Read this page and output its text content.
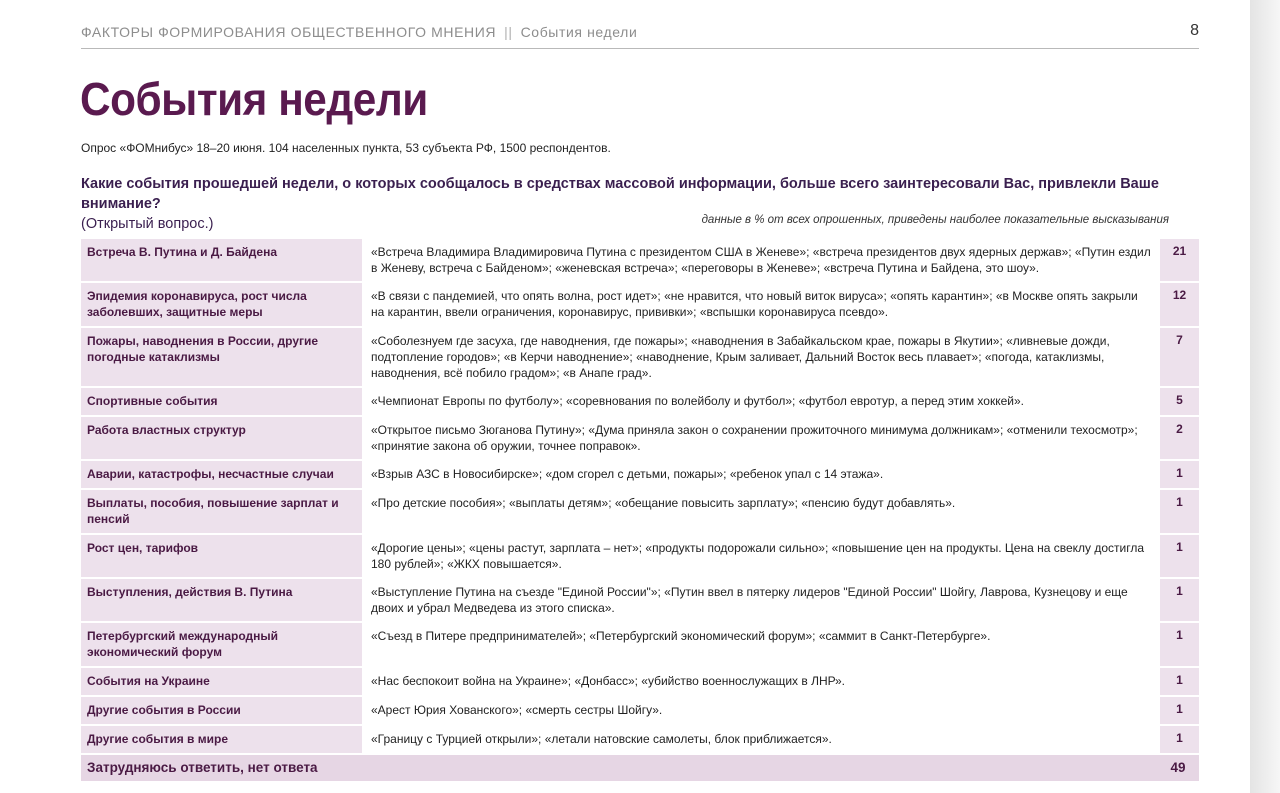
ФАКТОРЫ ФОРМИРОВАНИЯ ОБЩЕСТВЕННОГО МНЕНИЯ || События недели	8
События недели
Опрос «ФОМнибус» 18–20 июня. 104 населенных пункта, 53 субъекта РФ, 1500 респондентов.
Какие события прошедшей недели, о которых сообщалось в средствах массовой информации, больше всего заинтересовали Вас, привлекли Ваше внимание?
(Открытый вопрос.)	данные в % от всех опрошенных, приведены наиболее показательные высказывания
Встреча В. Путина и Д. Байдена	«Встреча Владимира Владимировича Путина с президентом США в Женеве»; «встреча президентов двух ядерных держав»; «Путин ездил в Женеву, встреча с Байденом»; «женевская встреча»; «переговоры в Женеве»; «встреча Путина и Байдена, это шоу».	21
Эпидемия коронавируса, рост числа заболевших, защитные меры	«В связи с пандемией, что опять волна, рост идет»; «не нравится, что новый виток вируса»; «опять карантин»; «в Москве опять закрыли на карантин, ввели ограничения, коронавирус, прививки»; «вспышки коронавируса псевдо».	12
Пожары, наводнения в России, другие погодные катаклизмы	«Соболезнуем где засуха, где наводнения, где пожары»; «наводнения в Забайкальском крае, пожары в Якутии»; «ливневые дожди, подтопление городов»; «в Керчи наводнение»; «наводнение, Крым заливает, Дальний Восток весь плавает»; «погода, катаклизмы, наводнения, всё побило градом»; «в Анапе град».	7
Спортивные события	«Чемпионат Европы по футболу»; «соревнования по волейболу и футбол»; «футбол евротур, а перед этим хоккей».	5
Работа властных структур	«Открытое письмо Зюганова Путину»; «Дума приняла закон о сохранении прожиточного минимума должникам»; «отменили техосмотр»; «принятие закона об оружии, точнее поправок».	2
Аварии, катастрофы, несчастные случаи	«Взрыв АЗС в Новосибирске»; «дом сгорел с детьми, пожары»; «ребенок упал с 14 этажа».	1
Выплаты, пособия, повышение зарплат и пенсий	«Про детские пособия»; «выплаты детям»; «обещание повысить зарплату»; «пенсию будут добавлять».	1
Рост цен, тарифов	«Дорогие цены»; «цены растут, зарплата – нет»; «продукты подорожали сильно»; «повышение цен на продукты. Цена на свеклу достигла 180 рублей»; «ЖКХ повышается».	1
Выступления, действия В. Путина	«Выступление Путина на съезде "Единой России"»; «Путин ввел в пятерку лидеров "Единой России" Шойгу, Лаврова, Кузнецову и еще двоих и убрал Медведева из этого списка».	1
Петербургский международный экономический форум	«Съезд в Питере предпринимателей»; «Петербургский экономический форум»; «саммит в Санкт-Петербурге».	1
События на Украине	«Нас беспокоит война на Украине»; «Донбасс»; «убийство военнослужащих в ЛНР».	1
Другие события в России	«Арест Юрия Хованского»; «смерть сестры Шойгу».	1
Другие события в мире	«Границу с Турцией открыли»; «летали натовские самолеты, блок приближается».	1
Затрудняюсь ответить, нет ответа		49
